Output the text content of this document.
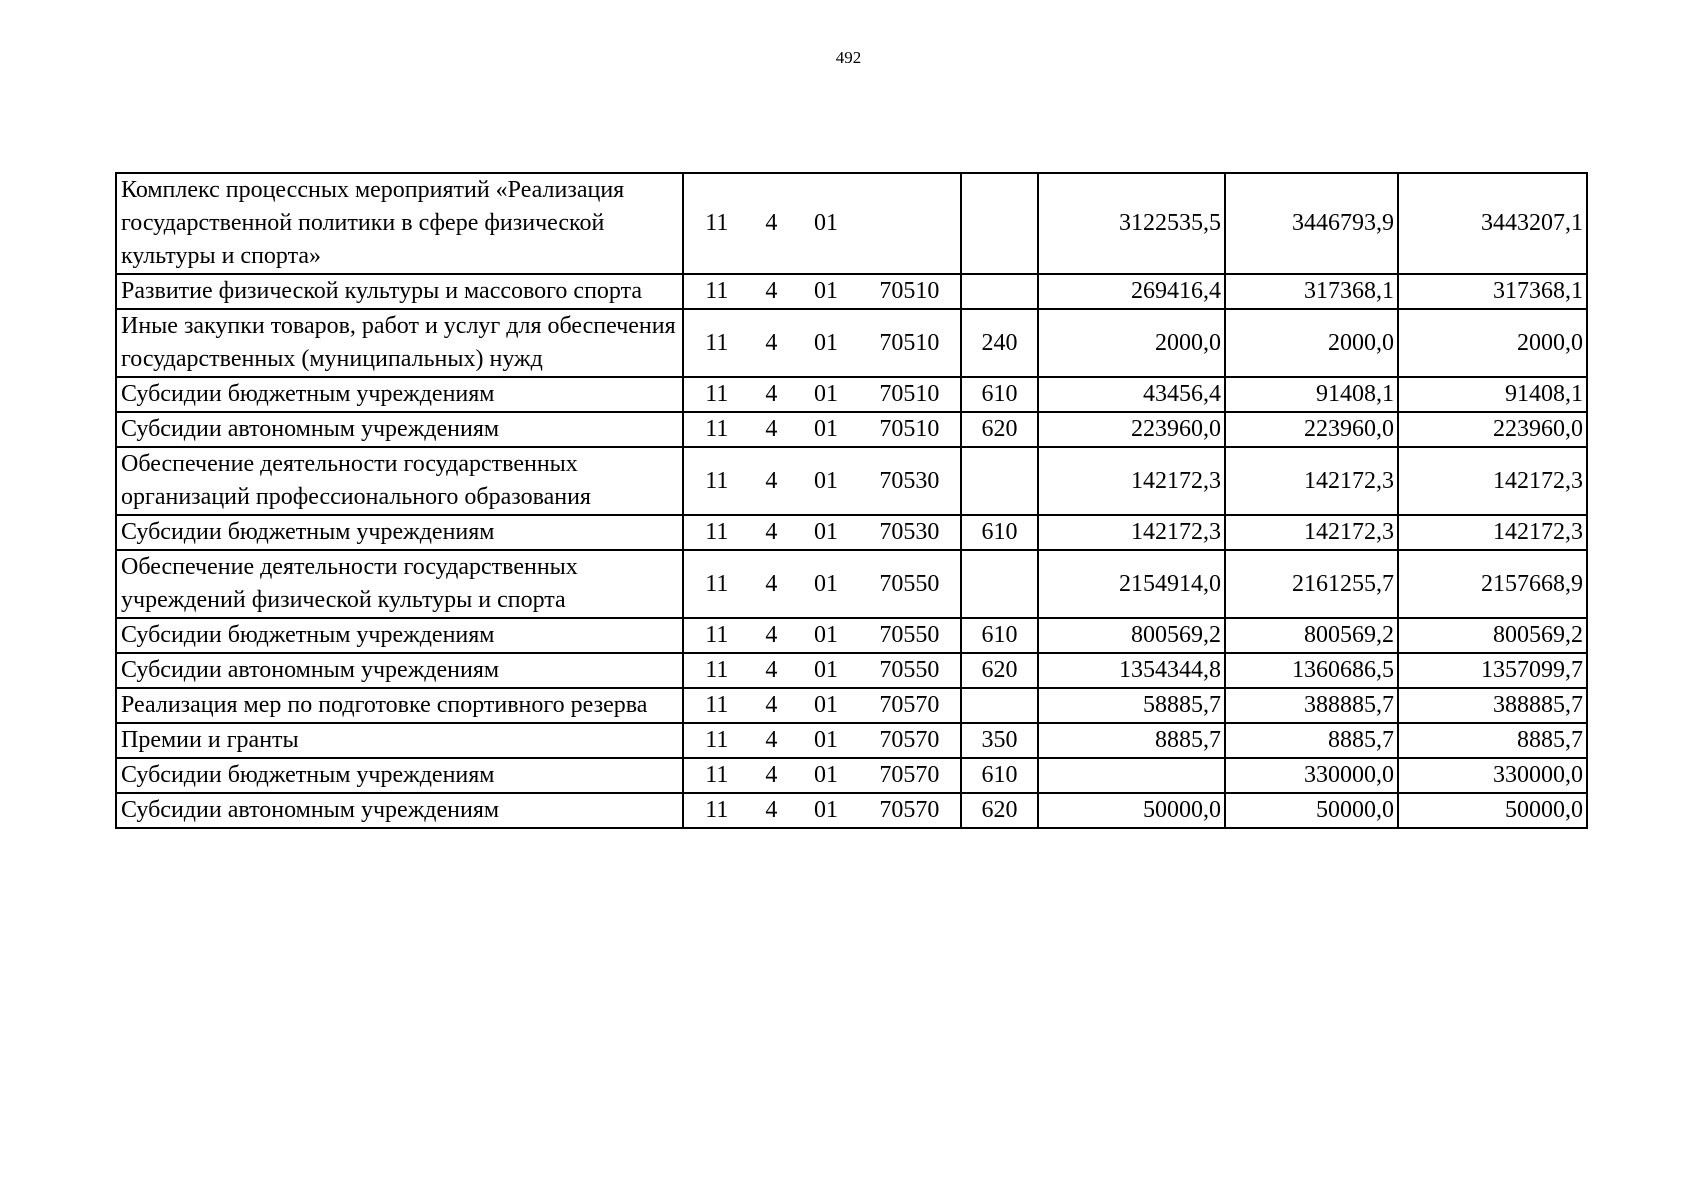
492
Комплекс процессных мероприятий «Реализация государственной политики в сфере физической культуры и спорта»	11 4 01		3122535,5	3446793,9	3443207,1
Развитие физической культуры и массового спорта	11 4 01 70510		269416,4	317368,1	317368,1
Иные закупки товаров, работ и услуг для обеспечения государственных (муниципальных) нужд	11 4 01 70510	240	2000,0	2000,0	2000,0
Субсидии бюджетным учреждениям	11 4 01 70510	610	43456,4	91408,1	91408,1
Субсидии автономным учреждениям	11 4 01 70510	620	223960,0	223960,0	223960,0
Обеспечение деятельности государственных организаций профессионального образования	11 4 01 70530		142172,3	142172,3	142172,3
Субсидии бюджетным учреждениям	11 4 01 70530	610	142172,3	142172,3	142172,3
Обеспечение деятельности государственных учреждений физической культуры и спорта	11 4 01 70550		2154914,0	2161255,7	2157668,9
Субсидии бюджетным учреждениям	11 4 01 70550	610	800569,2	800569,2	800569,2
Субсидии автономным учреждениям	11 4 01 70550	620	1354344,8	1360686,5	1357099,7
Реализация мер по подготовке спортивного резерва	11 4 01 70570		58885,7	388885,7	388885,7
Премии и гранты	11 4 01 70570	350	8885,7	8885,7	8885,7
Субсидии бюджетным учреждениям	11 4 01 70570	610		330000,0	330000,0
Субсидии автономным учреждениям	11 4 01 70570	620	50000,0	50000,0	50000,0
